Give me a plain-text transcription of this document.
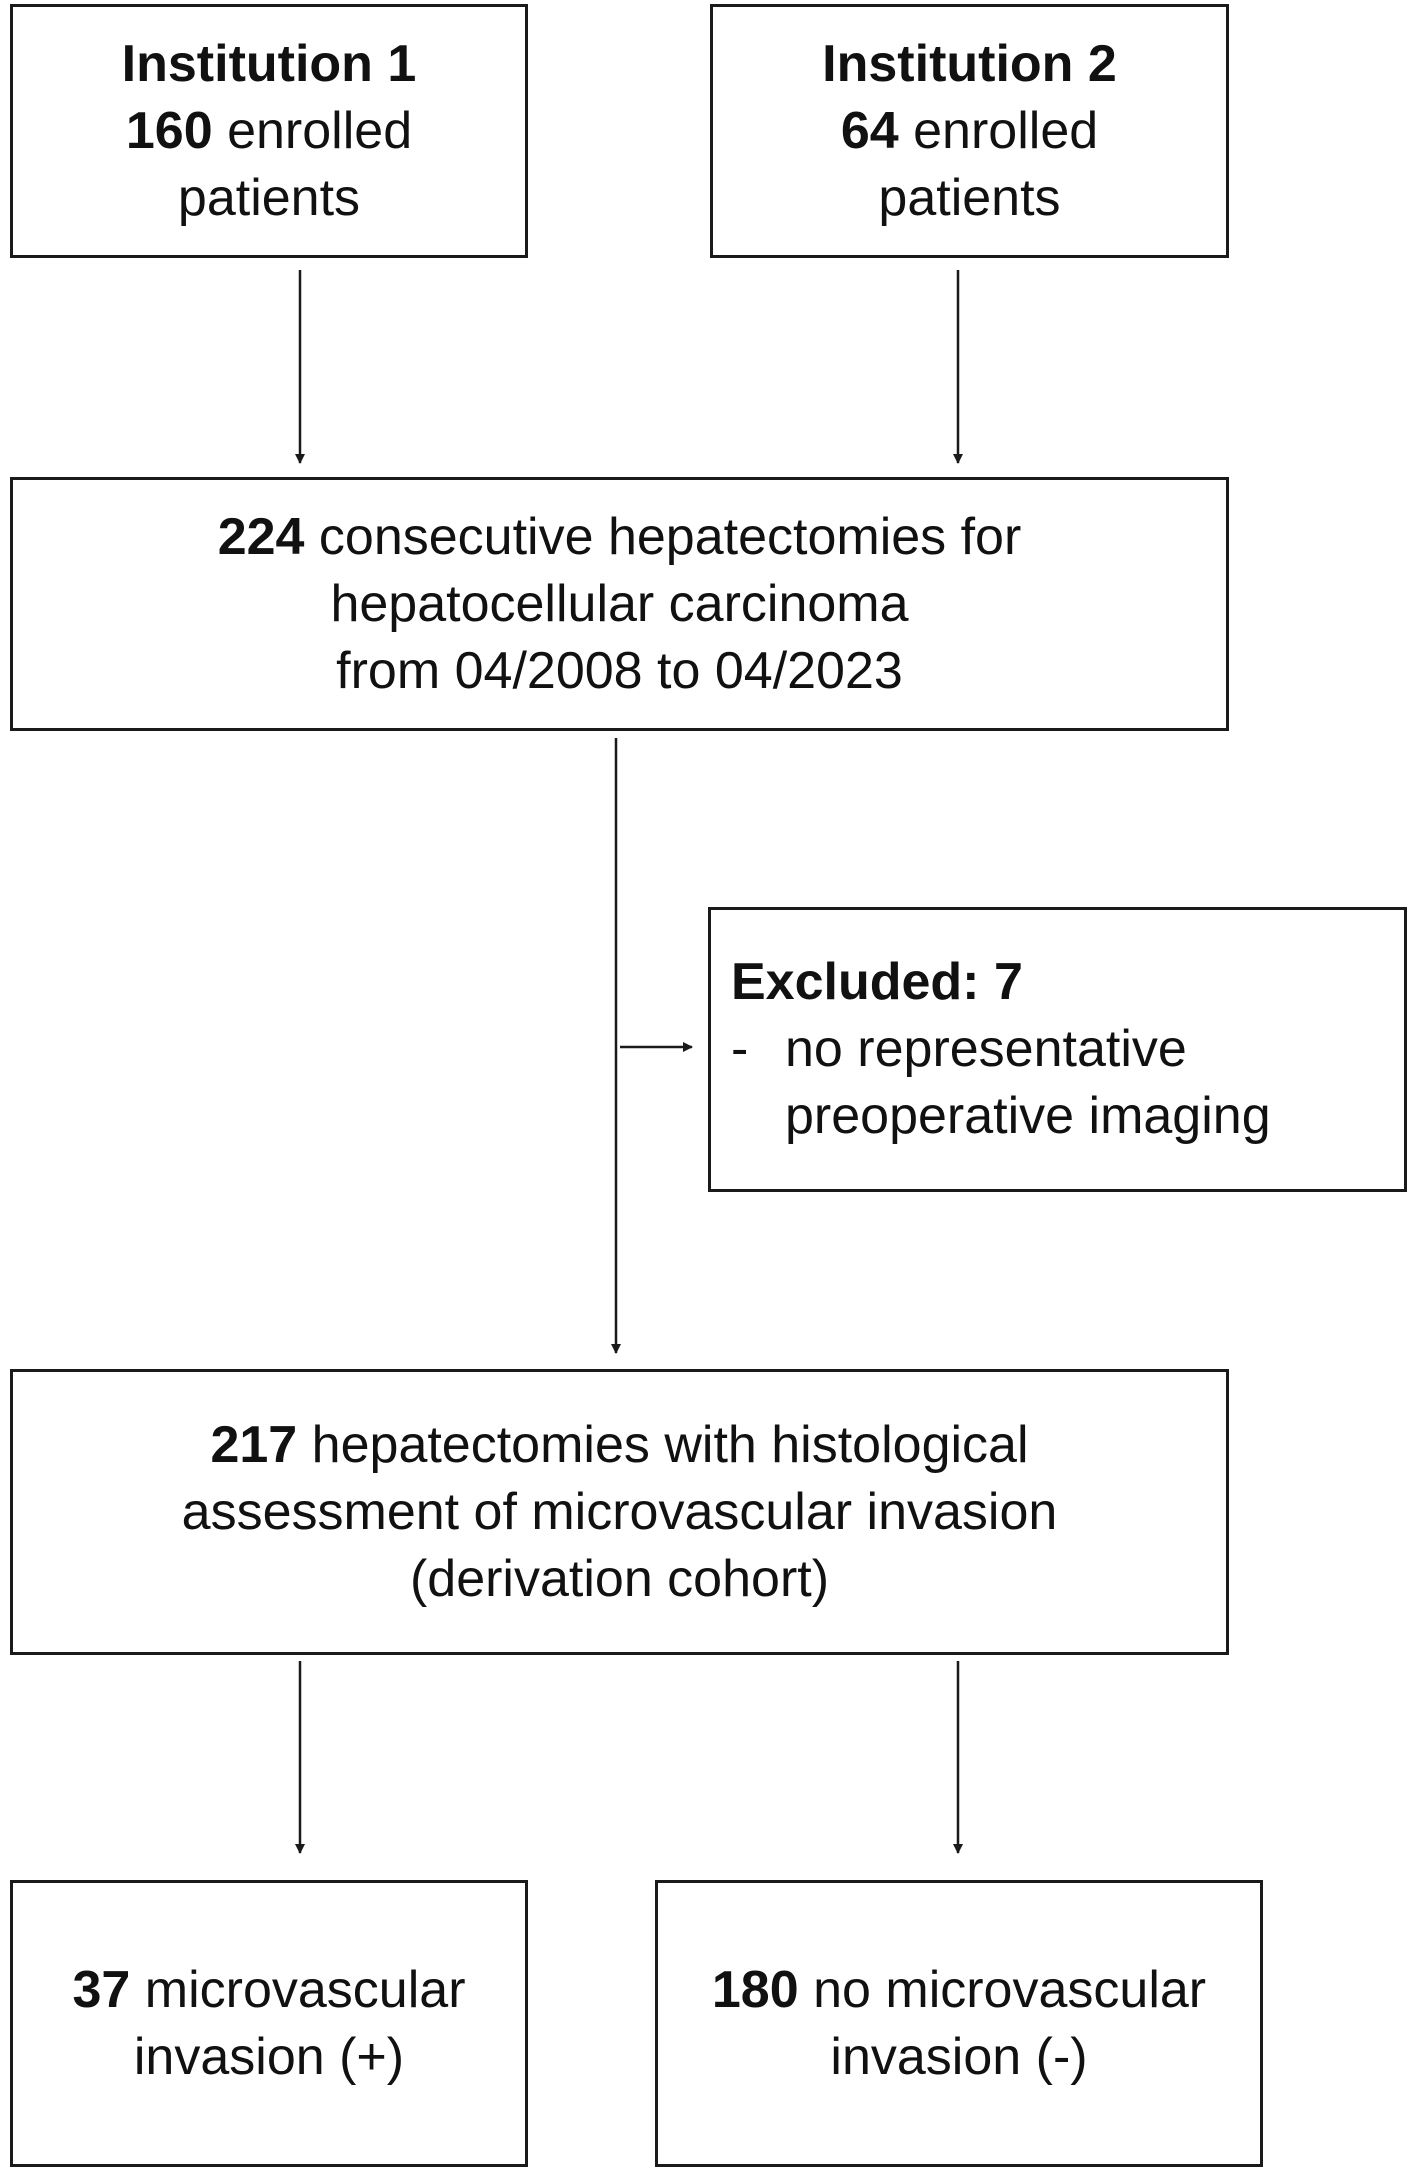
Institution 1
160 enrolled
patients
Institution 2
64 enrolled
patients
224 consecutive hepatectomies for
hepatocellular carcinoma
from 04/2008 to 04/2023
Excluded: 7
- no representative
preoperative imaging
217 hepatectomies with histological
assessment of microvascular invasion
(derivation cohort)
37 microvascular
invasion (+)
180 no microvascular
invasion (-)
